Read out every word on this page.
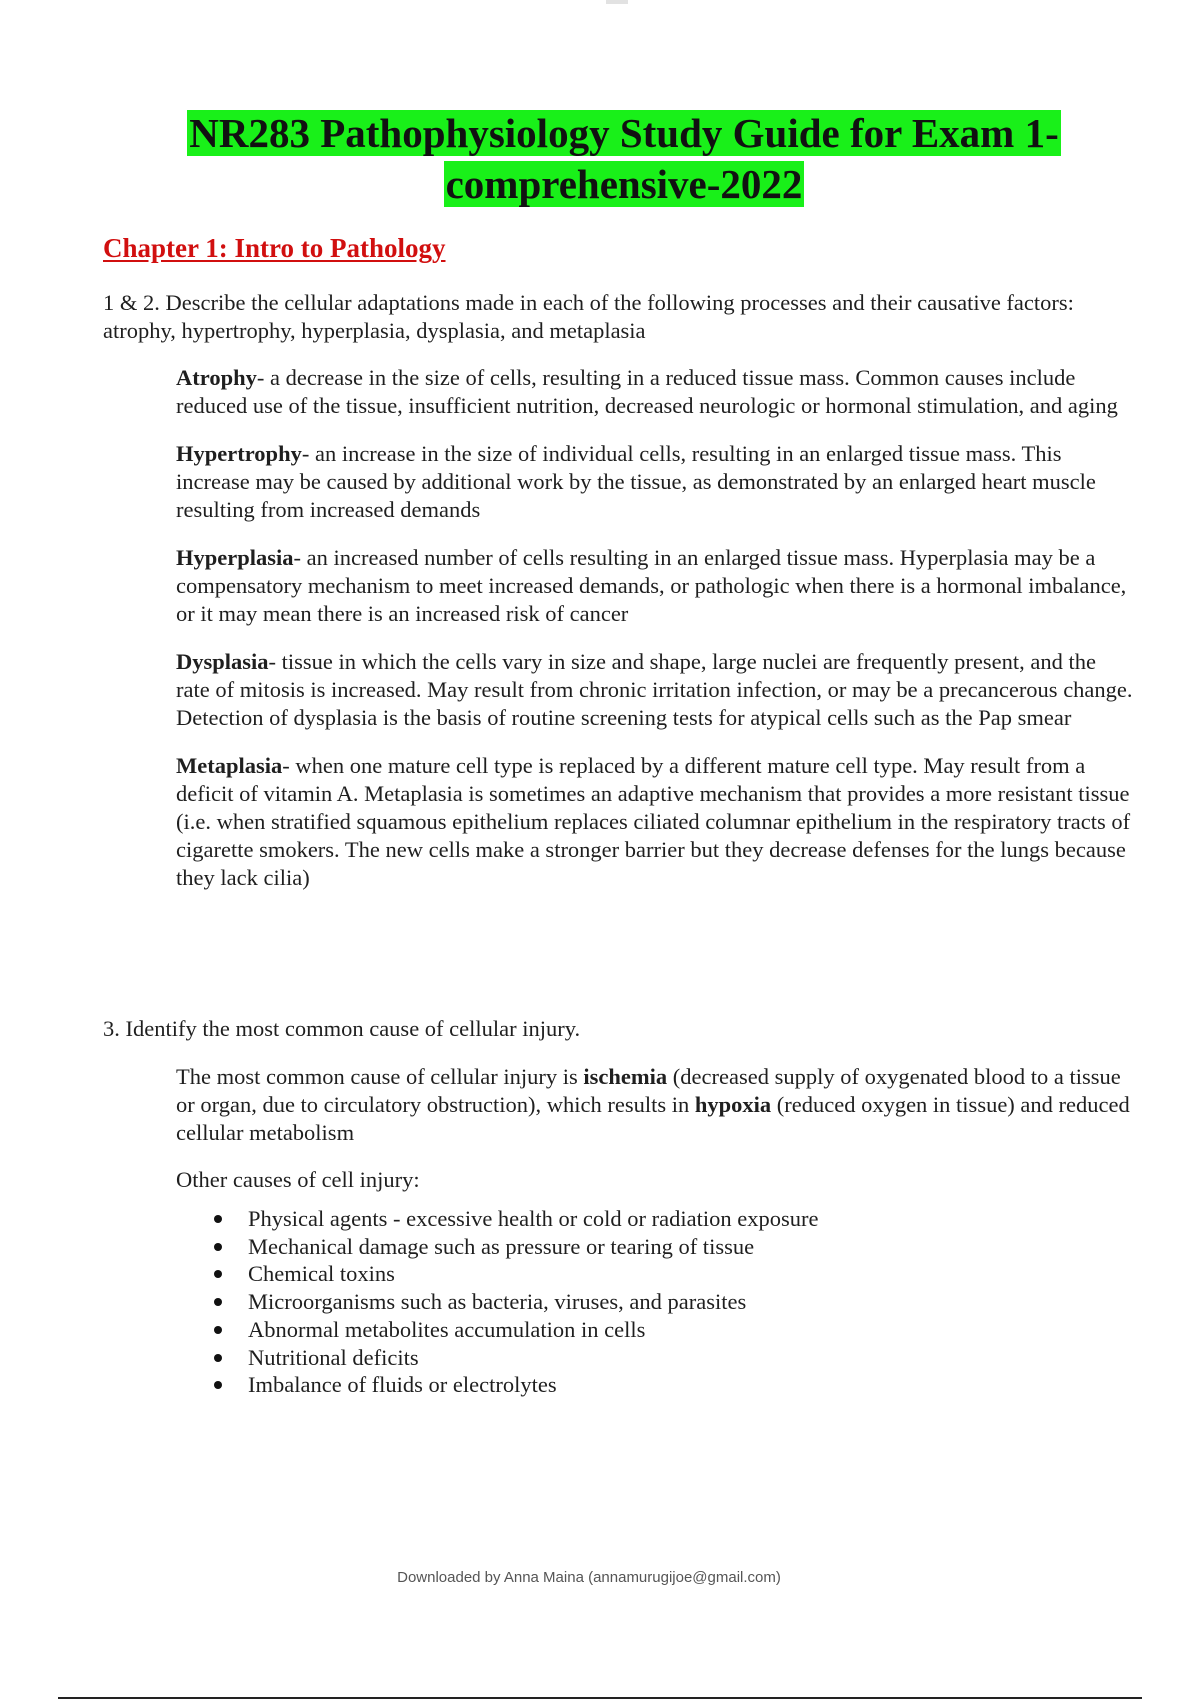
NR283 Pathophysiology Study Guide for Exam 1-
comprehensive-2022
Chapter 1: Intro to Pathology
1 & 2. Describe the cellular adaptations made in each of the following processes and their causative factors: atrophy, hypertrophy, hyperplasia, dysplasia, and metaplasia

Atrophy- a decrease in the size of cells, resulting in a reduced tissue mass. Common causes include reduced use of the tissue, insufficient nutrition, decreased neurologic or hormonal stimulation, and aging

Hypertrophy- an increase in the size of individual cells, resulting in an enlarged tissue mass. This increase may be caused by additional work by the tissue, as demonstrated by an enlarged heart muscle resulting from increased demands

Hyperplasia- an increased number of cells resulting in an enlarged tissue mass. Hyperplasia may be a compensatory mechanism to meet increased demands, or pathologic when there is a hormonal imbalance, or it may mean there is an increased risk of cancer

Dysplasia- tissue in which the cells vary in size and shape, large nuclei are frequently present, and the rate of mitosis is increased. May result from chronic irritation infection, or may be a precancerous change. Detection of dysplasia is the basis of routine screening tests for atypical cells such as the Pap smear

Metaplasia- when one mature cell type is replaced by a different mature cell type. May result from a deficit of vitamin A. Metaplasia is sometimes an adaptive mechanism that provides a more resistant tissue (i.e. when stratified squamous epithelium replaces ciliated columnar epithelium in the respiratory tracts of cigarette smokers. The new cells make a stronger barrier but they decrease defenses for the lungs because they lack cilia)

3. Identify the most common cause of cellular injury.
The most common cause of cellular injury is ischemia (decreased supply of oxygenated blood to a tissue or organ, due to circulatory obstruction), which results in hypoxia (reduced oxygen in tissue) and reduced cellular metabolism
Other causes of cell injury:
Physical agents - excessive health or cold or radiation exposure
Mechanical damage such as pressure or tearing of tissue
Chemical toxins
Microorganisms such as bacteria, viruses, and parasites
Abnormal metabolites accumulation in cells
Nutritional deficits
Imbalance of fluids or electrolytes
Downloaded by Anna Maina (annamurugijoe@gmail.com)
